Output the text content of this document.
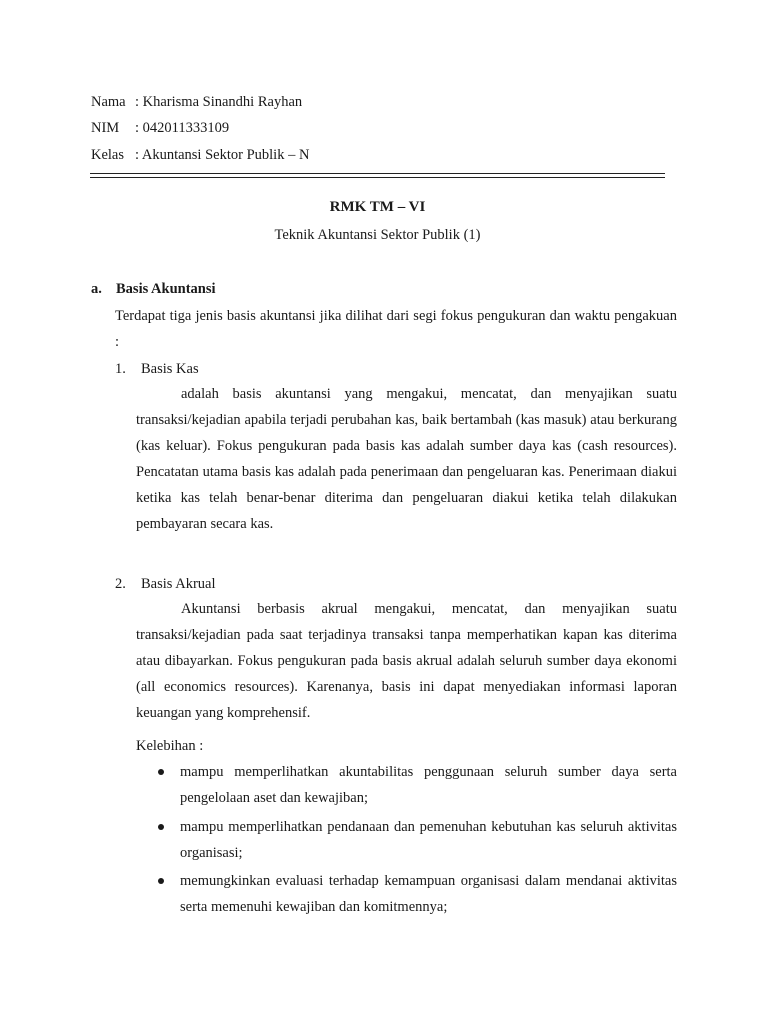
Nama : Kharisma Sinandhi Rayhan
NIM : 042011333109
Kelas : Akuntansi Sektor Publik – N
RMK TM – VI
Teknik Akuntansi Sektor Publik (1)
a. Basis Akuntansi

Terdapat tiga jenis basis akuntansi jika dilihat dari segi fokus pengukuran dan waktu pengakuan :

1. Basis Kas

adalah basis akuntansi yang mengakui, mencatat, dan menyajikan suatu transaksi/kejadian apabila terjadi perubahan kas, baik bertambah (kas masuk) atau berkurang (kas keluar). Fokus pengukuran pada basis kas adalah sumber daya kas (cash resources). Pencatatan utama basis kas adalah pada penerimaan dan pengeluaran kas. Penerimaan diakui ketika kas telah benar-benar diterima dan pengeluaran diakui ketika telah dilakukan pembayaran secara kas.

2. Basis Akrual

Akuntansi berbasis akrual mengakui, mencatat, dan menyajikan suatu transaksi/kejadian pada saat terjadinya transaksi tanpa memperhatikan kapan kas diterima atau dibayarkan. Fokus pengukuran pada basis akrual adalah seluruh sumber daya ekonomi (all economics resources). Karenanya, basis ini dapat menyediakan informasi laporan keuangan yang komprehensif.

Kelebihan :

mampu memperlihatkan akuntabilitas penggunaan seluruh sumber daya serta pengelolaan aset dan kewajiban;

mampu memperlihatkan pendanaan dan pemenuhan kebutuhan kas seluruh aktivitas organisasi;

memungkinkan evaluasi terhadap kemampuan organisasi dalam mendanai aktivitas serta memenuhi kewajiban dan komitmennya;
